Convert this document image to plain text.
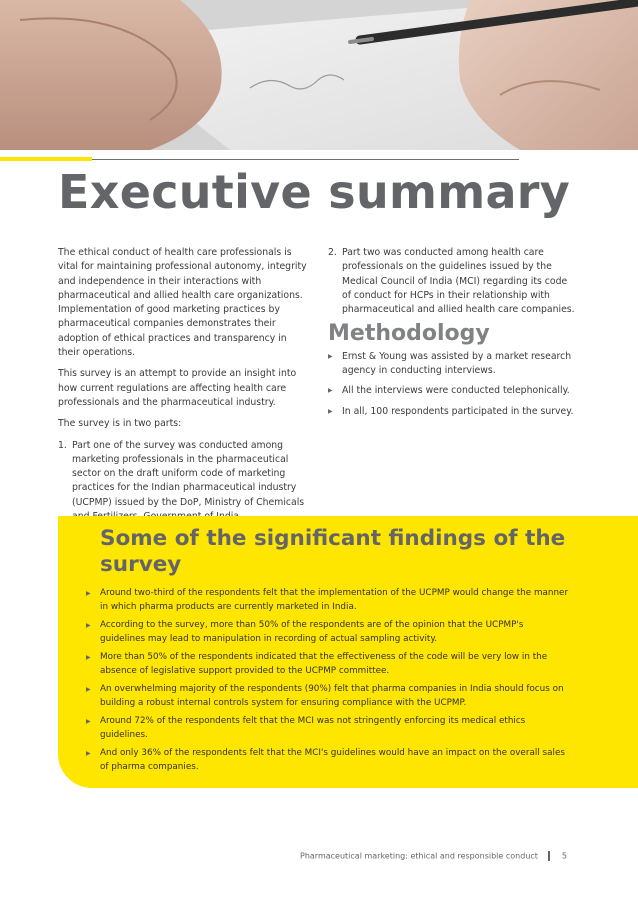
Executive summary

The ethical conduct of health care professionals is vital for maintaining professional autonomy, integrity and independence in their interactions with pharmaceutical and allied health care organizations. Implementation of good marketing practices by pharmaceutical companies demonstrates their adoption of ethical practices and transparency in their operations.

This survey is an attempt to provide an insight into how current regulations are affecting health care professionals and the pharmaceutical industry.

The survey is in two parts:

1. Part one of the survey was conducted among marketing professionals in the pharmaceutical sector on the draft uniform code of marketing practices for the Indian pharmaceutical industry (UCPMP) issued by the DoP, Ministry of Chemicals
2. Part two was conducted among health care professionals on the guidelines issued by the Medical Council of India (MCI) regarding its code of conduct for HCPs in their relationship with pharmaceutical and allied health care companies.
Methodology
▶	Ernst & Young was assisted by a market research agency in conducting interviews.
▶	All the interviews were conducted telephonically.
▶	In all, 100 respondents participated in the survey.
Some of the significant findings of the survey
▶	Around two-third of the respondents felt that the implementation of the UCPMP would change the manner in which pharma products are currently marketed in India.
▶	According to the survey, more than 50% of the respondents are of the opinion that the UCPMP's guidelines may lead to manipulation in recording of actual sampling activity.
▶	More than 50% of the respondents indicated that the effectiveness of the code will be very low in the absence of legislative support provided to the UCPMP committee.
▶	An overwhelming majority of the respondents (90%) felt that pharma companies in India should focus on building a robust internal controls system for ensuring compliance with the UCPMP.
▶	Around 72% of the respondents felt that the MCI was not stringently enforcing its medical ethics guidelines.
▶	And only 36% of the respondents felt that the MCI's guidelines would have an impact on the overall sales of pharma companies.
Pharmaceutical marketing: ethical and responsible conduct	5
